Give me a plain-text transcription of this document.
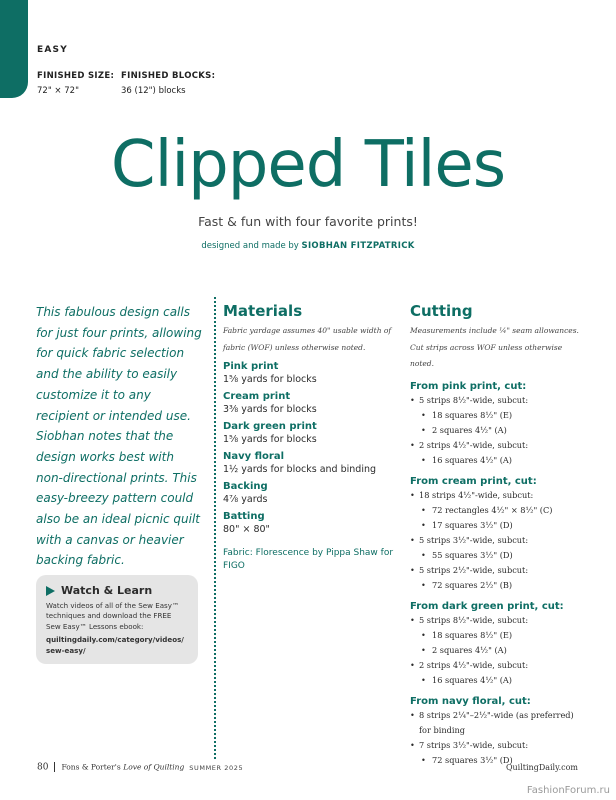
EASY
FINISHED SIZE:
72" × 72"
FINISHED BLOCKS:
36 (12") blocks
Clipped Tiles
Fast & fun with four favorite prints!
designed and made by SIOBHAN FITZPATRICK

This fabulous design calls for just four prints, allowing for quick fabric selection and the ability to easily customize it to any recipient or intended use. Siobhan notes that the design works best with non-directional prints. This easy-breezy pattern could also be an ideal picnic quilt with a canvas or heavier backing fabric.

Watch & Learn
Watch videos of all of the Sew Easy™ techniques and download the FREE Sew Easy™ Lessons ebook:
quiltingdaily.com/category/videos/sew-easy/
Materials
Fabric yardage assumes 40" usable width of fabric (WOF) unless otherwise noted.
Pink print
1⅝ yards for blocks
Cream print
3⅜ yards for blocks
Dark green print
1⅝ yards for blocks
Navy floral
1½ yards for blocks and binding
Backing
4⅞ yards
Batting
80" × 80"
Fabric: Florescence by Pippa Shaw for FIGO
Cutting
Measurements include ¼" seam allowances. Cut strips across WOF unless otherwise noted.
From pink print, cut:
• 5 strips 8½"-wide, subcut:
• 18 squares 8½" (E)
• 2 squares 4½" (A)
• 2 strips 4½"-wide, subcut:
• 16 squares 4½" (A)
From cream print, cut:
• 18 strips 4½"-wide, subcut:
• 72 rectangles 4½" × 8½" (C)
• 17 squares 3½" (D)
• 5 strips 3½"-wide, subcut:
• 55 squares 3½" (D)
• 5 strips 2½"-wide, subcut:
• 72 squares 2½" (B)
From dark green print, cut:
• 5 strips 8½"-wide, subcut:
• 18 squares 8½" (E)
• 2 squares 4½" (A)
• 2 strips 4½"-wide, subcut:
• 16 squares 4½" (A)
From navy floral, cut:
• 8 strips 2¼"–2½"-wide (as preferred) for binding
• 7 strips 3½"-wide, subcut:
• 72 squares 3½" (D)
80 Fons & Porter's Love of Quilting SUMMER 2025	QuiltingDaily.com
FashionForum.ru
